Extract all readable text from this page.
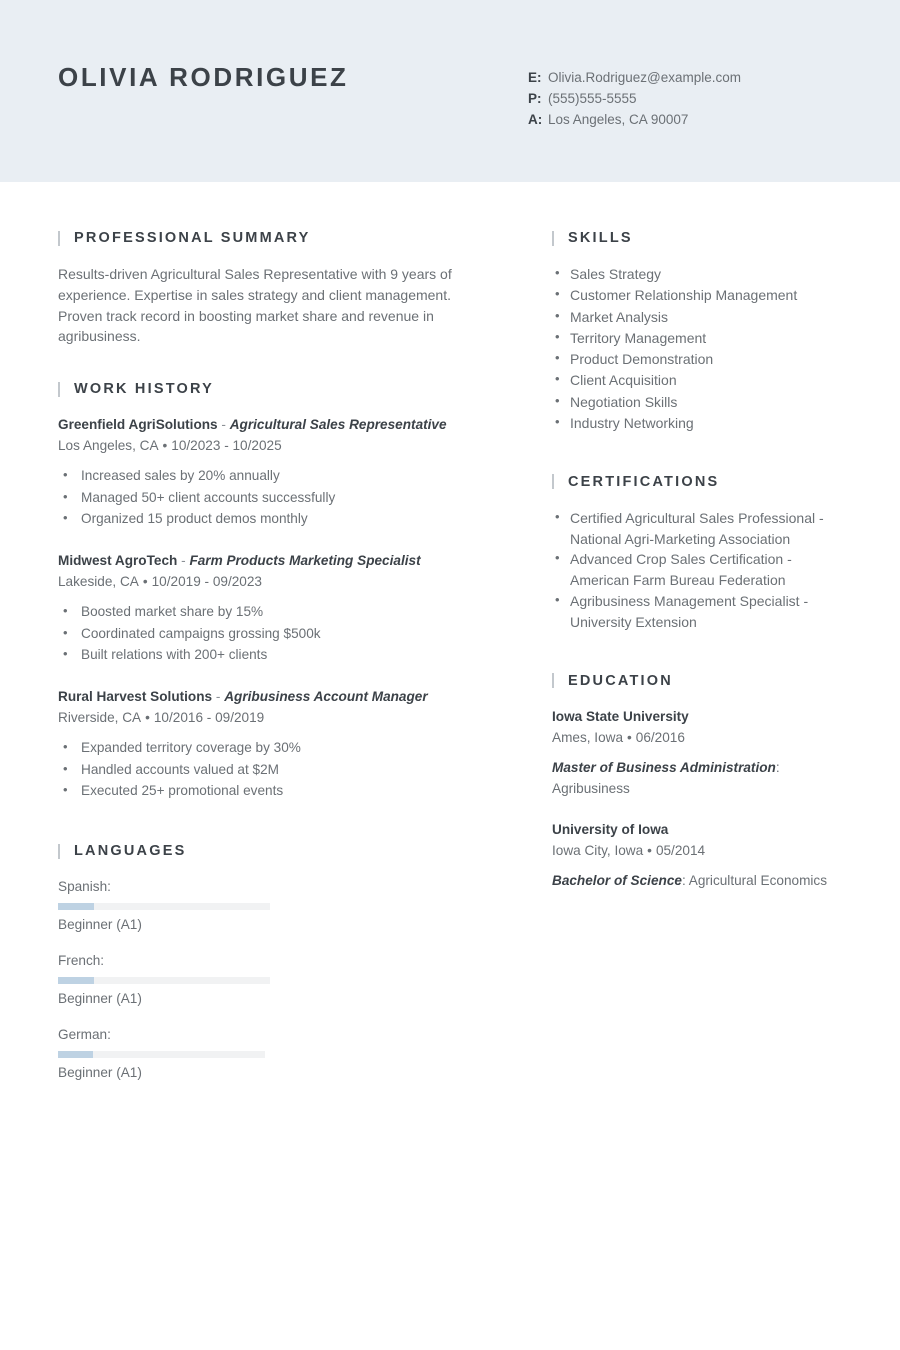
OLIVIA RODRIGUEZ	E: Olivia.Rodriguez@example.com
P: (555)555-5555
A: Los Angeles, CA 90007
PROFESSIONAL SUMMARY
Results-driven Agricultural Sales Representative with 9 years of experience. Expertise in sales strategy and client management. Proven track record in boosting market share and revenue in agribusiness.
WORK HISTORY
Greenfield AgriSolutions - Agricultural Sales Representative
Los Angeles, CA • 10/2023 - 10/2025
• Increased sales by 20% annually
• Managed 50+ client accounts successfully
• Organized 15 product demos monthly
Midwest AgroTech - Farm Products Marketing Specialist
Lakeside, CA • 10/2019 - 09/2023
• Boosted market share by 15%
• Coordinated campaigns grossing $500k
• Built relations with 200+ clients
Rural Harvest Solutions - Agribusiness Account Manager
Riverside, CA • 10/2016 - 09/2019
• Expanded territory coverage by 30%
• Handled accounts valued at $2M
• Executed 25+ promotional events
LANGUAGES
Spanish:
Beginner (A1)
French:
Beginner (A1)
German:
Beginner (A1)
SKILLS
• Sales Strategy
• Customer Relationship Management
• Market Analysis
• Territory Management
• Product Demonstration
• Client Acquisition
• Negotiation Skills
• Industry Networking
CERTIFICATIONS
• Certified Agricultural Sales Professional - National Agri-Marketing Association
• Advanced Crop Sales Certification - American Farm Bureau Federation
• Agribusiness Management Specialist - University Extension
EDUCATION
Iowa State University
Ames, Iowa • 06/2016
Master of Business Administration:
Agribusiness
University of Iowa
Iowa City, Iowa • 05/2014
Bachelor of Science: Agricultural Economics
